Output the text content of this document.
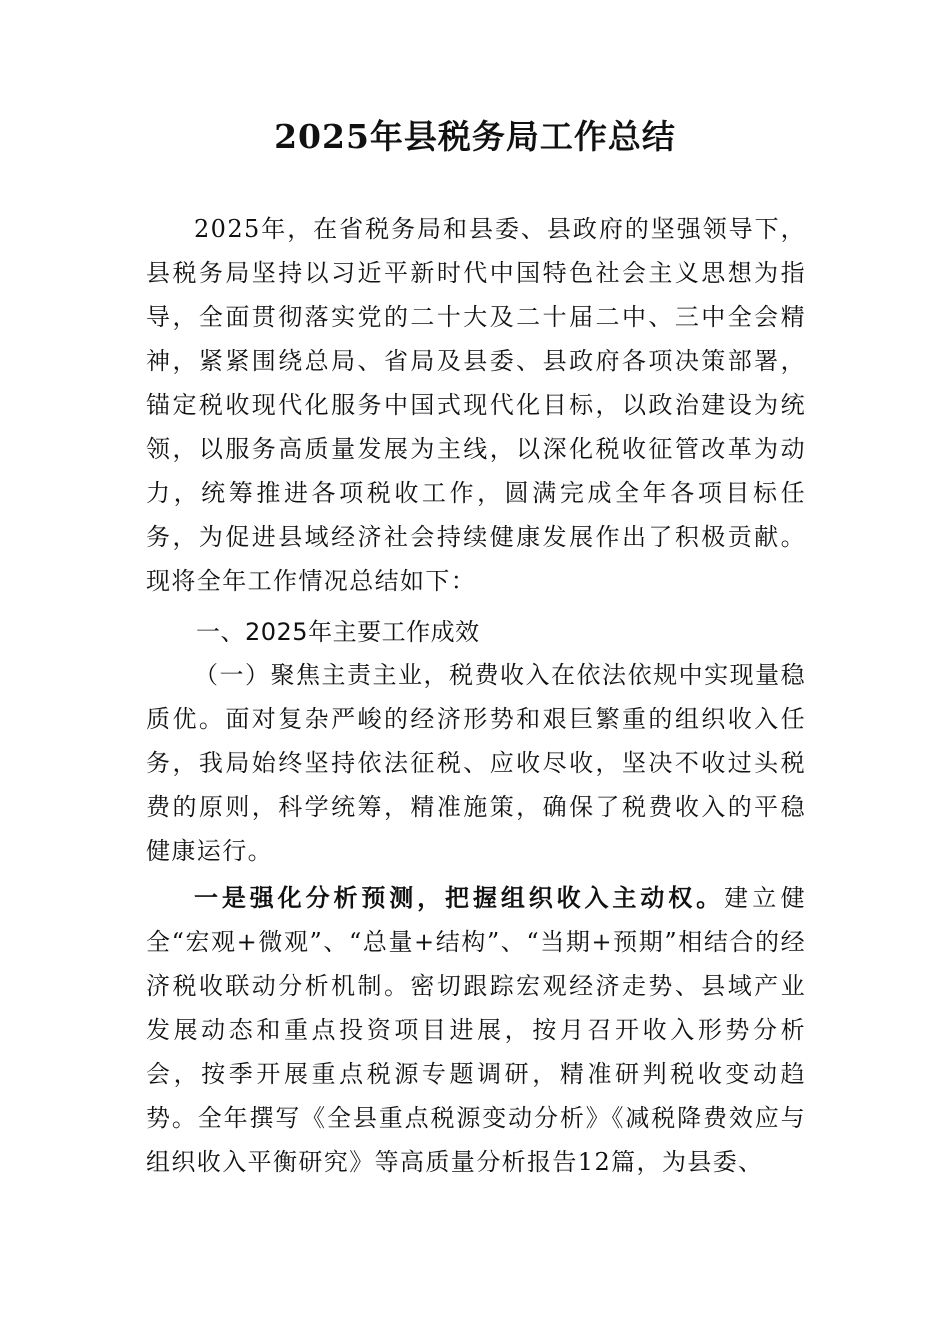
2025年县税务局工作总结

2025年，在省税务局和县委、县政府的坚强领导下，县税务局坚持以习近平新时代中国特色社会主义思想为指导，全面贯彻落实党的二十大及二十届二中、三中全会精神，紧紧围绕总局、省局及县委、县政府各项决策部署，锚定税收现代化服务中国式现代化目标，以政治建设为统领，以服务高质量发展为主线，以深化税收征管改革为动力，统筹推进各项税收工作，圆满完成全年各项目标任务，为促进县域经济社会持续健康发展作出了积极贡献。现将全年工作情况总结如下：

一、2025年主要工作成效

（一）聚焦主责主业，税费收入在依法依规中实现量稳质优。面对复杂严峻的经济形势和艰巨繁重的组织收入任务，我局始终坚持依法征税、应收尽收，坚决不收过头税费的原则，科学统筹，精准施策，确保了税费收入的平稳健康运行。

一是强化分析预测，把握组织收入主动权。建立健全“宏观+微观”、“总量+结构”、“当期+预期”相结合的经济税收联动分析机制。密切跟踪宏观经济走势、县域产业发展动态和重点投资项目进展，按月召开收入形势分析会，按季开展重点税源专题调研，精准研判税收变动趋势。全年撰写《全县重点税源变动分析》《减税降费效应与组织收入平衡研究》等高质量分析报告12篇，为县委、
